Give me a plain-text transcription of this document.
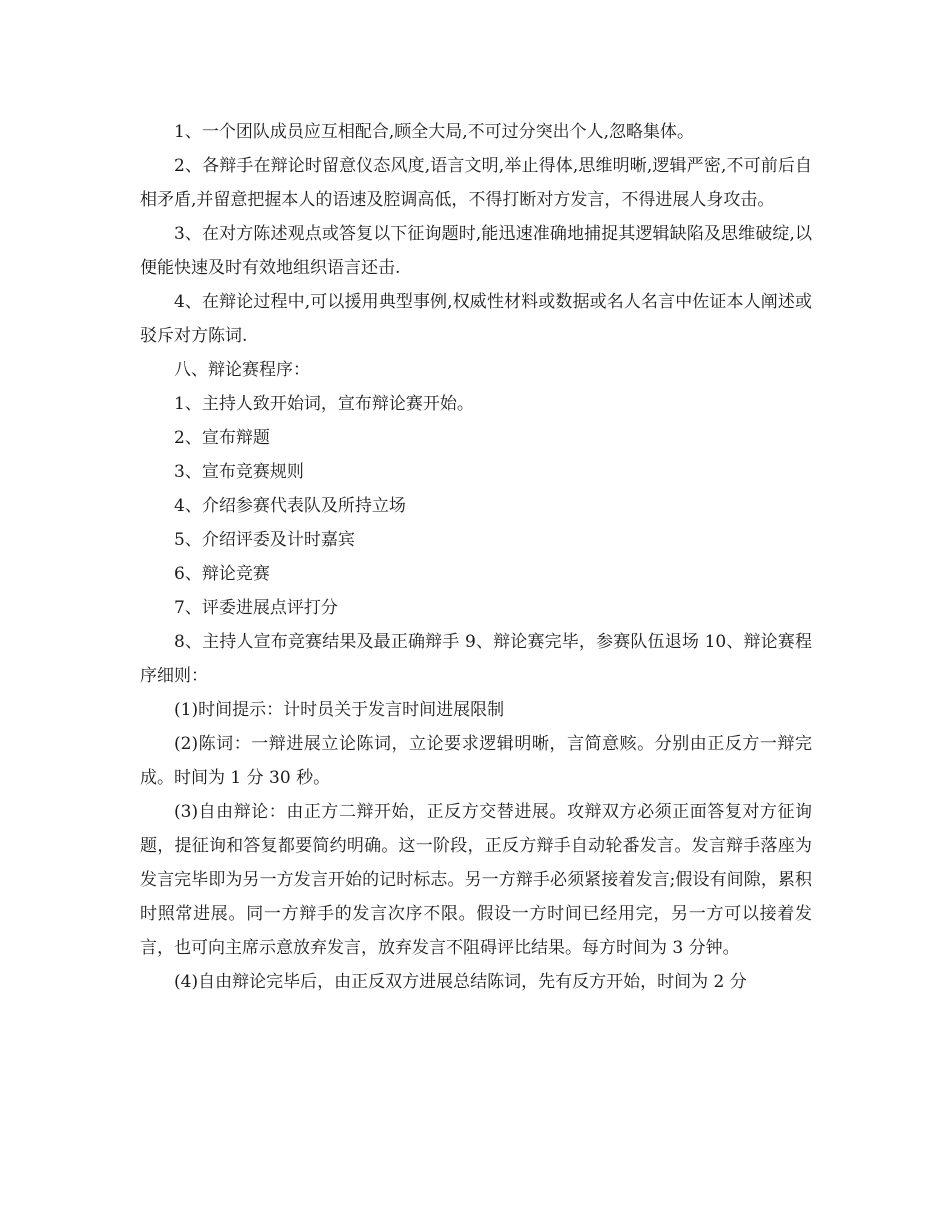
1、一个团队成员应互相配合,顾全大局,不可过分突出个人,忽略集体。

2、各辩手在辩论时留意仪态风度,语言文明,举止得体,思维明晰,逻辑严密,不可前后自相矛盾,并留意把握本人的语速及腔调高低，不得打断对方发言，不得进展人身攻击。

3、在对方陈述观点或答复以下征询题时,能迅速准确地捕捉其逻辑缺陷及思维破绽,以便能快速及时有效地组织语言还击.

4、在辩论过程中,可以援用典型事例,权威性材料或数据或名人名言中佐证本人阐述或驳斥对方陈词.

八、辩论赛程序：

1、主持人致开始词，宣布辩论赛开始。

2、宣布辩题

3、宣布竞赛规则

4、介绍参赛代表队及所持立场

5、介绍评委及计时嘉宾

6、辩论竞赛

7、评委进展点评打分

8、主持人宣布竞赛结果及最正确辩手 9、辩论赛完毕，参赛队伍退场 10、辩论赛程序细则：

(1)时间提示：计时员关于发言时间进展限制

(2)陈词：一辩进展立论陈词，立论要求逻辑明晰，言简意赅。分别由正反方一辩完成。时间为 1 分 30 秒。

(3)自由辩论：由正方二辩开始，正反方交替进展。攻辩双方必须正面答复对方征询题，提征询和答复都要简约明确。这一阶段，正反方辩手自动轮番发言。发言辩手落座为发言完毕即为另一方发言开始的记时标志。另一方辩手必须紧接着发言;假设有间隙，累积时照常进展。同一方辩手的发言次序不限。假设一方时间已经用完，另一方可以接着发言，也可向主席示意放弃发言，放弃发言不阻碍评比结果。每方时间为 3 分钟。

(4)自由辩论完毕后，由正反双方进展总结陈词，先有反方开始，时间为 2 分
